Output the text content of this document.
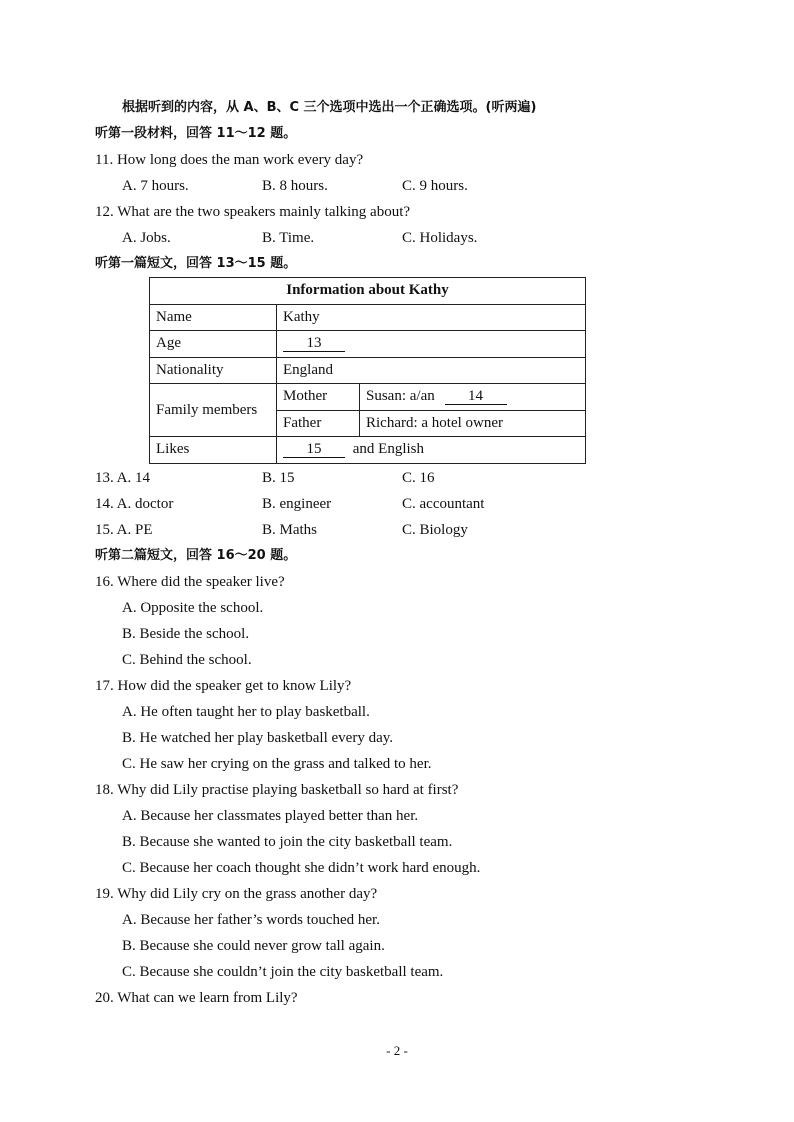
根据听到的内容，从 A、B、C 三个选项中选出一个正确选项。(听两遍)
听第一段材料，回答 11～12 题。
11. How long does the man work every day?
A. 7 hours.	B. 8 hours.	C. 9 hours.
12. What are the two speakers mainly talking about?
A. Jobs.	B. Time.	C. Holidays.
听第一篇短文，回答 13～15 题。
Information about Kathy		
Name	Kathy	
Age	13	
Nationality	England	
Family members	Mother	Susan: a/an 14
	Father	Richard: a hotel owner
Likes	15 and English	
13. A. 14	B. 15	C. 16
14. A. doctor	B. engineer	C. accountant
15. A. PE	B. Maths	C. Biology
听第二篇短文，回答 16～20 题。
16. Where did the speaker live?
A. Opposite the school.
B. Beside the school.
C. Behind the school.
17. How did the speaker get to know Lily?
A. He often taught her to play basketball.
B. He watched her play basketball every day.
C. He saw her crying on the grass and talked to her.
18. Why did Lily practise playing basketball so hard at first?
A. Because her classmates played better than her.
B. Because she wanted to join the city basketball team.
C. Because her coach thought she didn’t work hard enough.
19. Why did Lily cry on the grass another day?
A. Because her father’s words touched her.
B. Because she could never grow tall again.
C. Because she couldn’t join the city basketball team.
20. What can we learn from Lily?
- 2 -
